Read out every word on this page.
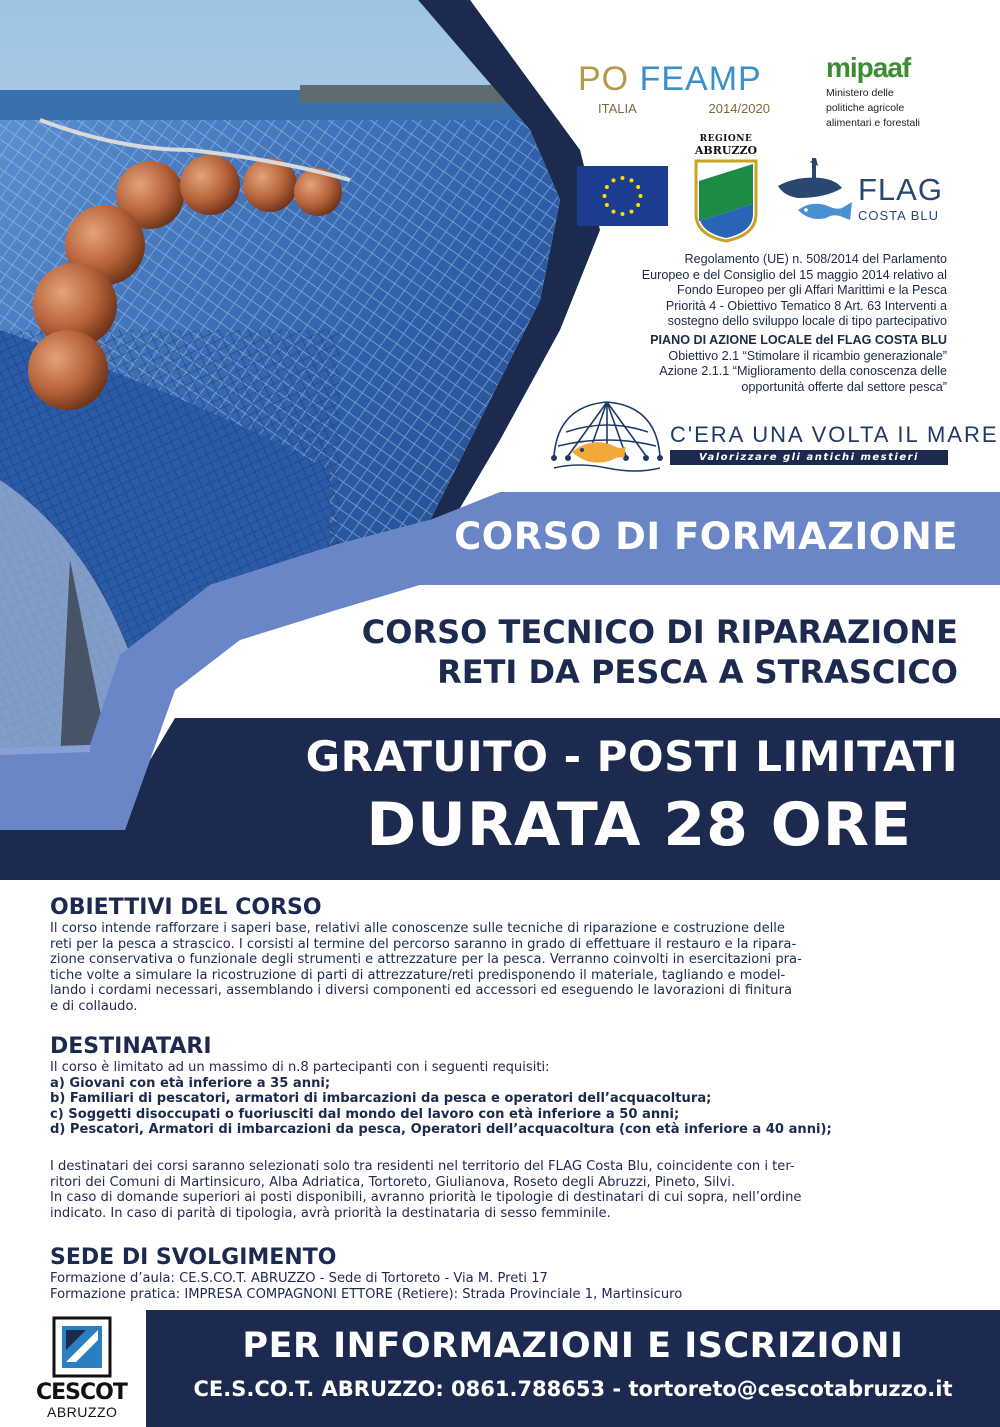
PO FEAMP
ITALIA	2014/2020
mipaaf
Ministero delle
politiche agricole
alimentari e forestali
REGIONE
ABRUZZO
FLAG
COSTA BLU
Regolamento (UE) n. 508/2014 del Parlamento
Europeo e del Consiglio del 15 maggio 2014 relativo al
Fondo Europeo per gli Affari Marittimi e la Pesca
Priorità 4 - Obiettivo Tematico 8 Art. 63 Interventi a
sostegno dello sviluppo locale di tipo partecipativo
PIANO DI AZIONE LOCALE del FLAG COSTA BLU
Obiettivo 2.1 “Stimolare il ricambio generazionale”
Azione 2.1.1 “Miglioramento della conoscenza delle
opportunità offerte dal settore pesca”
C'ERA UNA VOLTA IL MARE
Valorizzare gli antichi mestieri
CORSO DI FORMAZIONE
CORSO TECNICO DI RIPARAZIONE
RETI DA PESCA A STRASCICO
GRATUITO - POSTI LIMITATI
DURATA 28 ORE
OBIETTIVI DEL CORSO
Il corso intende rafforzare i saperi base, relativi alle conoscenze sulle tecniche di riparazione e costruzione delle
reti per la pesca a strascico. I corsisti al termine del percorso saranno in grado di effettuare il restauro e la ripara-
zione conservativa o funzionale degli strumenti e attrezzature per la pesca. Verranno coinvolti in esercitazioni pra-
tiche volte a simulare la ricostruzione di parti di attrezzature/reti predisponendo il materiale, tagliando e model-
lando i cordami necessari, assemblando i diversi componenti ed accessori ed eseguendo le lavorazioni di finitura
e di collaudo.
DESTINATARI
Il corso è limitato ad un massimo di n.8 partecipanti con i seguenti requisiti:
a) Giovani con età inferiore a 35 anni;
b) Familiari di pescatori, armatori di imbarcazioni da pesca e operatori dell’acquacoltura;
c) Soggetti disoccupati o fuoriusciti dal mondo del lavoro con età inferiore a 50 anni;
d) Pescatori, Armatori di imbarcazioni da pesca, Operatori dell’acquacoltura (con età inferiore a 40 anni);
I destinatari dei corsi saranno selezionati solo tra residenti nel territorio del FLAG Costa Blu, coincidente con i ter-
ritori dei Comuni di Martinsicuro, Alba Adriatica, Tortoreto, Giulianova, Roseto degli Abruzzi, Pineto, Silvi.
In caso di domande superiori ai posti disponibili, avranno priorità le tipologie di destinatari di cui sopra, nell’ordine
indicato. In caso di parità di tipologia, avrà priorità la destinataria di sesso femminile.
SEDE DI SVOLGIMENTO
Formazione d’aula: CE.S.CO.T. ABRUZZO - Sede di Tortoreto - Via M. Preti 17
Formazione pratica: IMPRESA COMPAGNONI ETTORE (Retiere): Strada Provinciale 1, Martinsicuro
CESCOT
ABRUZZO
PER INFORMAZIONI E ISCRIZIONI
CE.S.CO.T. ABRUZZO: 0861.788653 - tortoreto@cescotabruzzo.it
